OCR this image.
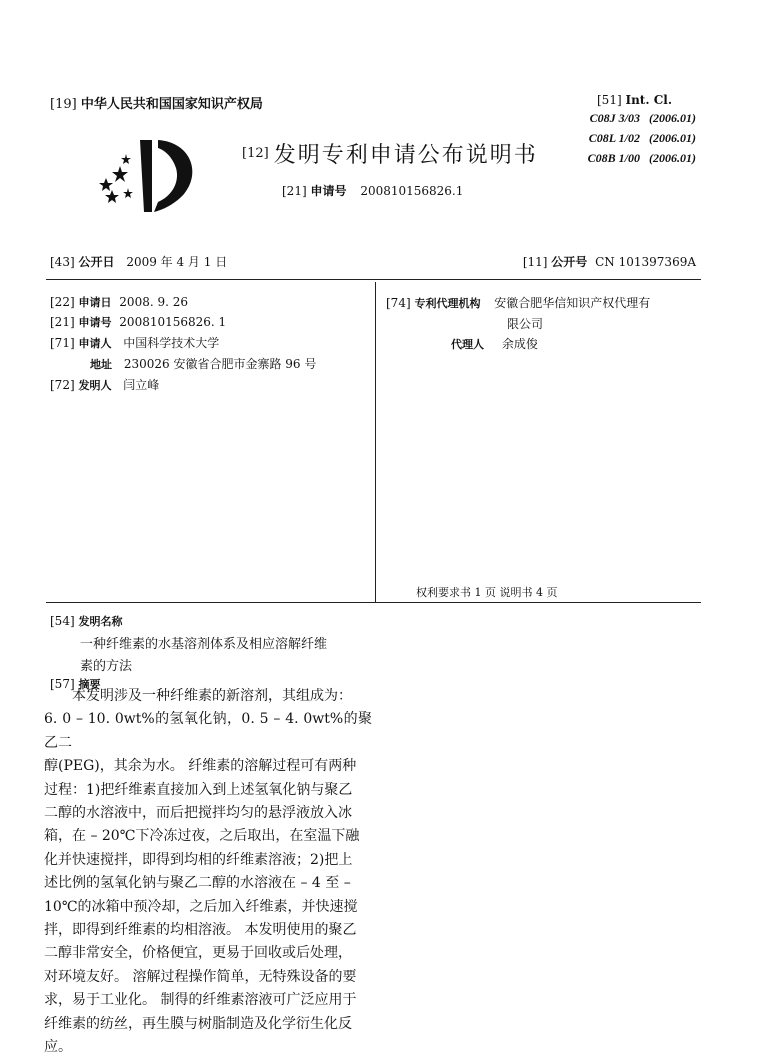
[19] 中华人民共和国国家知识产权局
[12] 发明专利申请公布说明书
[21] 申请号 200810156826.1
[51] Int. Cl.
C08J 3/03 (2006.01)
C08L 1/02 (2006.01)
C08B 1/00 (2006.01)
[43] 公开日 2009 年 4 月 1 日	[11] 公开号 CN 101397369A
[22] 申请日 2008. 9. 26
[21] 申请号 200810156826. 1
[71] 申请人 中国科学技术大学
地址 230026 安徽省合肥市金寨路 96 号
[72] 发明人 闫立峰
[74] 专利代理机构 安徽合肥华信知识产权代理有
限公司
代理人 余成俊
权利要求书 1 页 说明书 4 页
[54] 发明名称
一种纤维素的水基溶剂体系及相应溶解纤维
素的方法
[57] 摘要
　　本发明涉及一种纤维素的新溶剂，其组成为：
6. 0 – 10. 0wt%的氢氧化钠，0. 5 – 4. 0wt%的聚乙二
醇(PEG)，其余为水。 纤维素的溶解过程可有两种
过程：1)把纤维素直接加入到上述氢氧化钠与聚乙
二醇的水溶液中，而后把搅拌均匀的悬浮液放入冰
箱，在 – 20℃下冷冻过夜，之后取出，在室温下融
化并快速搅拌，即得到均相的纤维素溶液；2)把上
述比例的氢氧化钠与聚乙二醇的水溶液在 – 4 至 –
10℃的冰箱中预冷却，之后加入纤维素，并快速搅
拌，即得到纤维素的均相溶液。 本发明使用的聚乙
二醇非常安全，价格便宜，更易于回收或后处理，
对环境友好。 溶解过程操作简单，无特殊设备的要
求，易于工业化。 制得的纤维素溶液可广泛应用于
纤维素的纺丝，再生膜与树脂制造及化学衍生化反
应。
